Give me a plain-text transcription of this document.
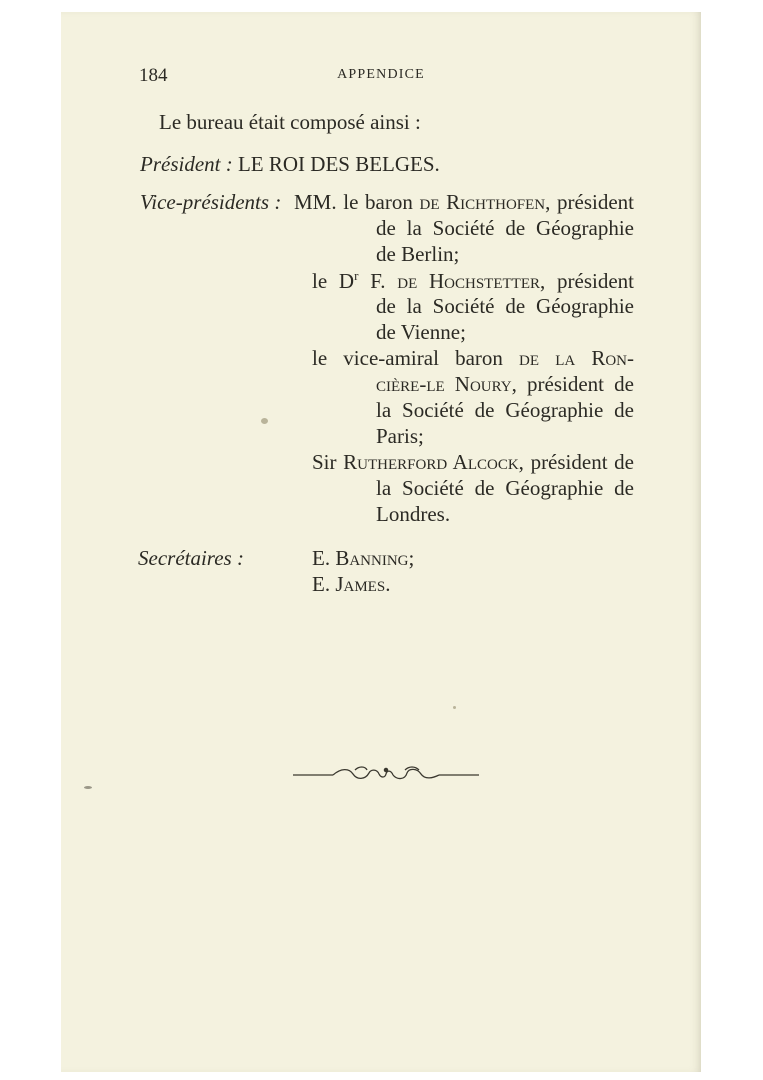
184	APPENDICE
Le bureau était composé ainsi :
Président : LE ROI DES BELGES.
Vice-présidents : MM. le baron de Richthofen, président
de la Société de Géographie
de Berlin;
le $D^r$ F. de Hochstetter, président
de la Société de Géographie
de Vienne;
le vice-amiral baron de la Ron-
cière-le Noury, président de
la Société de Géographie de
Paris;
Sir Rutherford Alcock, président de
la Société de Géographie de
Londres.
Secrétaires :	E. Banning;
E. James.
